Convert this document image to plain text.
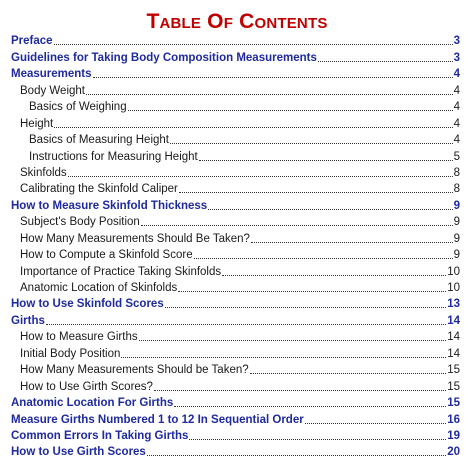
Table Of Contents
Preface	3
Guidelines for Taking Body Composition Measurements	3
Measurements	4
Body Weight	4
Basics of Weighing	4
Height	4
Basics of Measuring Height	4
Instructions for Measuring Height	5
Skinfolds	8
Calibrating the Skinfold Caliper	8
How to Measure Skinfold Thickness	9
Subject's Body Position	9
How Many Measurements Should Be Taken?	9
How to Compute a Skinfold Score	9
Importance of Practice Taking Skinfolds	10
Anatomic Location of Skinfolds	10
How to Use Skinfold Scores	13
Girths	14
How to Measure Girths	14
Initial Body Position	14
How Many Measurements Should be Taken?	15
How to Use Girth Scores?	15
Anatomic Location For Girths	15
Measure Girths Numbered 1 to 12 In Sequential Order	16
Common Errors In Taking Girths	19
How to Use Girth Scores	20
